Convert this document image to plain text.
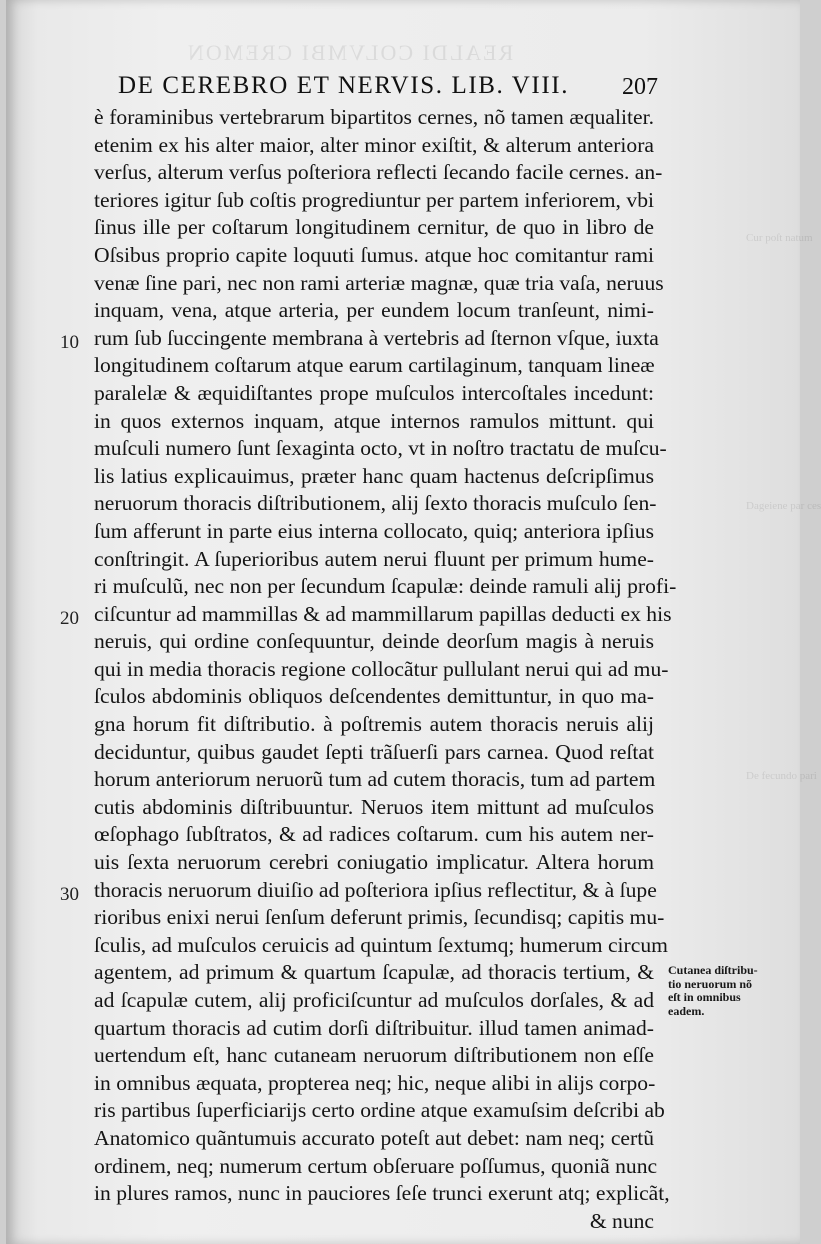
REALDI COLVMBI CREMON
Cur poſt natum
Dageiene par ces
De fecundo pari
DE CEREBRO ET NERVIS. LIB. VIII. 207
10
20
30
è foraminibus vertebrarum bipartitos cernes, nõ tamen æqualiter.
etenim ex his alter maior, alter minor exiſtit, & alterum anteriora
verſus, alterum verſus poſteriora reflecti ſecando facile cernes. an-
teriores igitur ſub coſtis progrediuntur per partem inferiorem, vbi
ſinus ille per coſtarum longitudinem cernitur, de quo in libro de
Oſsibus proprio capite loquuti ſumus. atque hoc comitantur rami
venæ ſine pari, nec non rami arteriæ magnæ, quæ tria vaſa, neruus
inquam, vena, atque arteria, per eundem locum tranſeunt, nimi-
rum ſub ſuccingente membrana à vertebris ad ſternon vſque, iuxta
longitudinem coſtarum atque earum cartilaginum, tanquam lineæ
paralelæ & æquidiſtantes prope muſculos intercoſtales incedunt:
in quos externos inquam, atque internos ramulos mittunt. qui
muſculi numero ſunt ſexaginta octo, vt in noſtro tractatu de muſcu-
lis latius explicauimus, præter hanc quam hactenus deſcripſimus
neruorum thoracis diſtributionem, alij ſexto thoracis muſculo ſen-
ſum afferunt in parte eius interna collocato, quiq; anteriora ipſius
conſtringit. A ſuperioribus autem nerui fluunt per primum hume-
ri muſculũ, nec non per ſecundum ſcapulæ: deinde ramuli alij profi-
ciſcuntur ad mammillas & ad mammillarum papillas deducti ex his
neruis, qui ordine conſequuntur, deinde deorſum magis à neruis
qui in media thoracis regione collocãtur pullulant nerui qui ad mu-
ſculos abdominis obliquos deſcendentes demittuntur, in quo ma-
gna horum fit diſtributio. à poſtremis autem thoracis neruis alij
deciduntur, quibus gaudet ſepti trãſuerſi pars carnea. Quod reſtat
horum anteriorum neruorũ tum ad cutem thoracis, tum ad partem
cutis abdominis diſtribuuntur. Neruos item mittunt ad muſculos
œſophago ſubſtratos, & ad radices coſtarum. cum his autem ner-
uis ſexta neruorum cerebri coniugatio implicatur. Altera horum
thoracis neruorum diuiſio ad poſteriora ipſius reflectitur, & à ſupe
rioribus enixi nerui ſenſum deferunt primis, ſecundisq; capitis mu-
ſculis, ad muſculos ceruicis ad quintum ſextumq; humerum circum
agentem, ad primum & quartum ſcapulæ, ad thoracis tertium, &
ad ſcapulæ cutem, alij proficiſcuntur ad muſculos dorſales, & ad
quartum thoracis ad cutim dorſi diſtribuitur. illud tamen animad-
uertendum eſt, hanc cutaneam neruorum diſtributionem non eſſe
in omnibus æquata, propterea neq; hic, neque alibi in alijs corpo-
ris partibus ſuperficiarijs certo ordine atque examuſsim deſcribi ab
Anatomico quãntumuis accurato poteſt aut debet: nam neq; certũ
ordinem, neq; numerum certum obſeruare poſſumus, quoniã nunc
in plures ramos, nunc in pauciores ſeſe trunci exerunt atq; explicãt,
& nunc
Cutanea diſtribu-
tio neruorum nõ
eſt in omnibus
eadem.
